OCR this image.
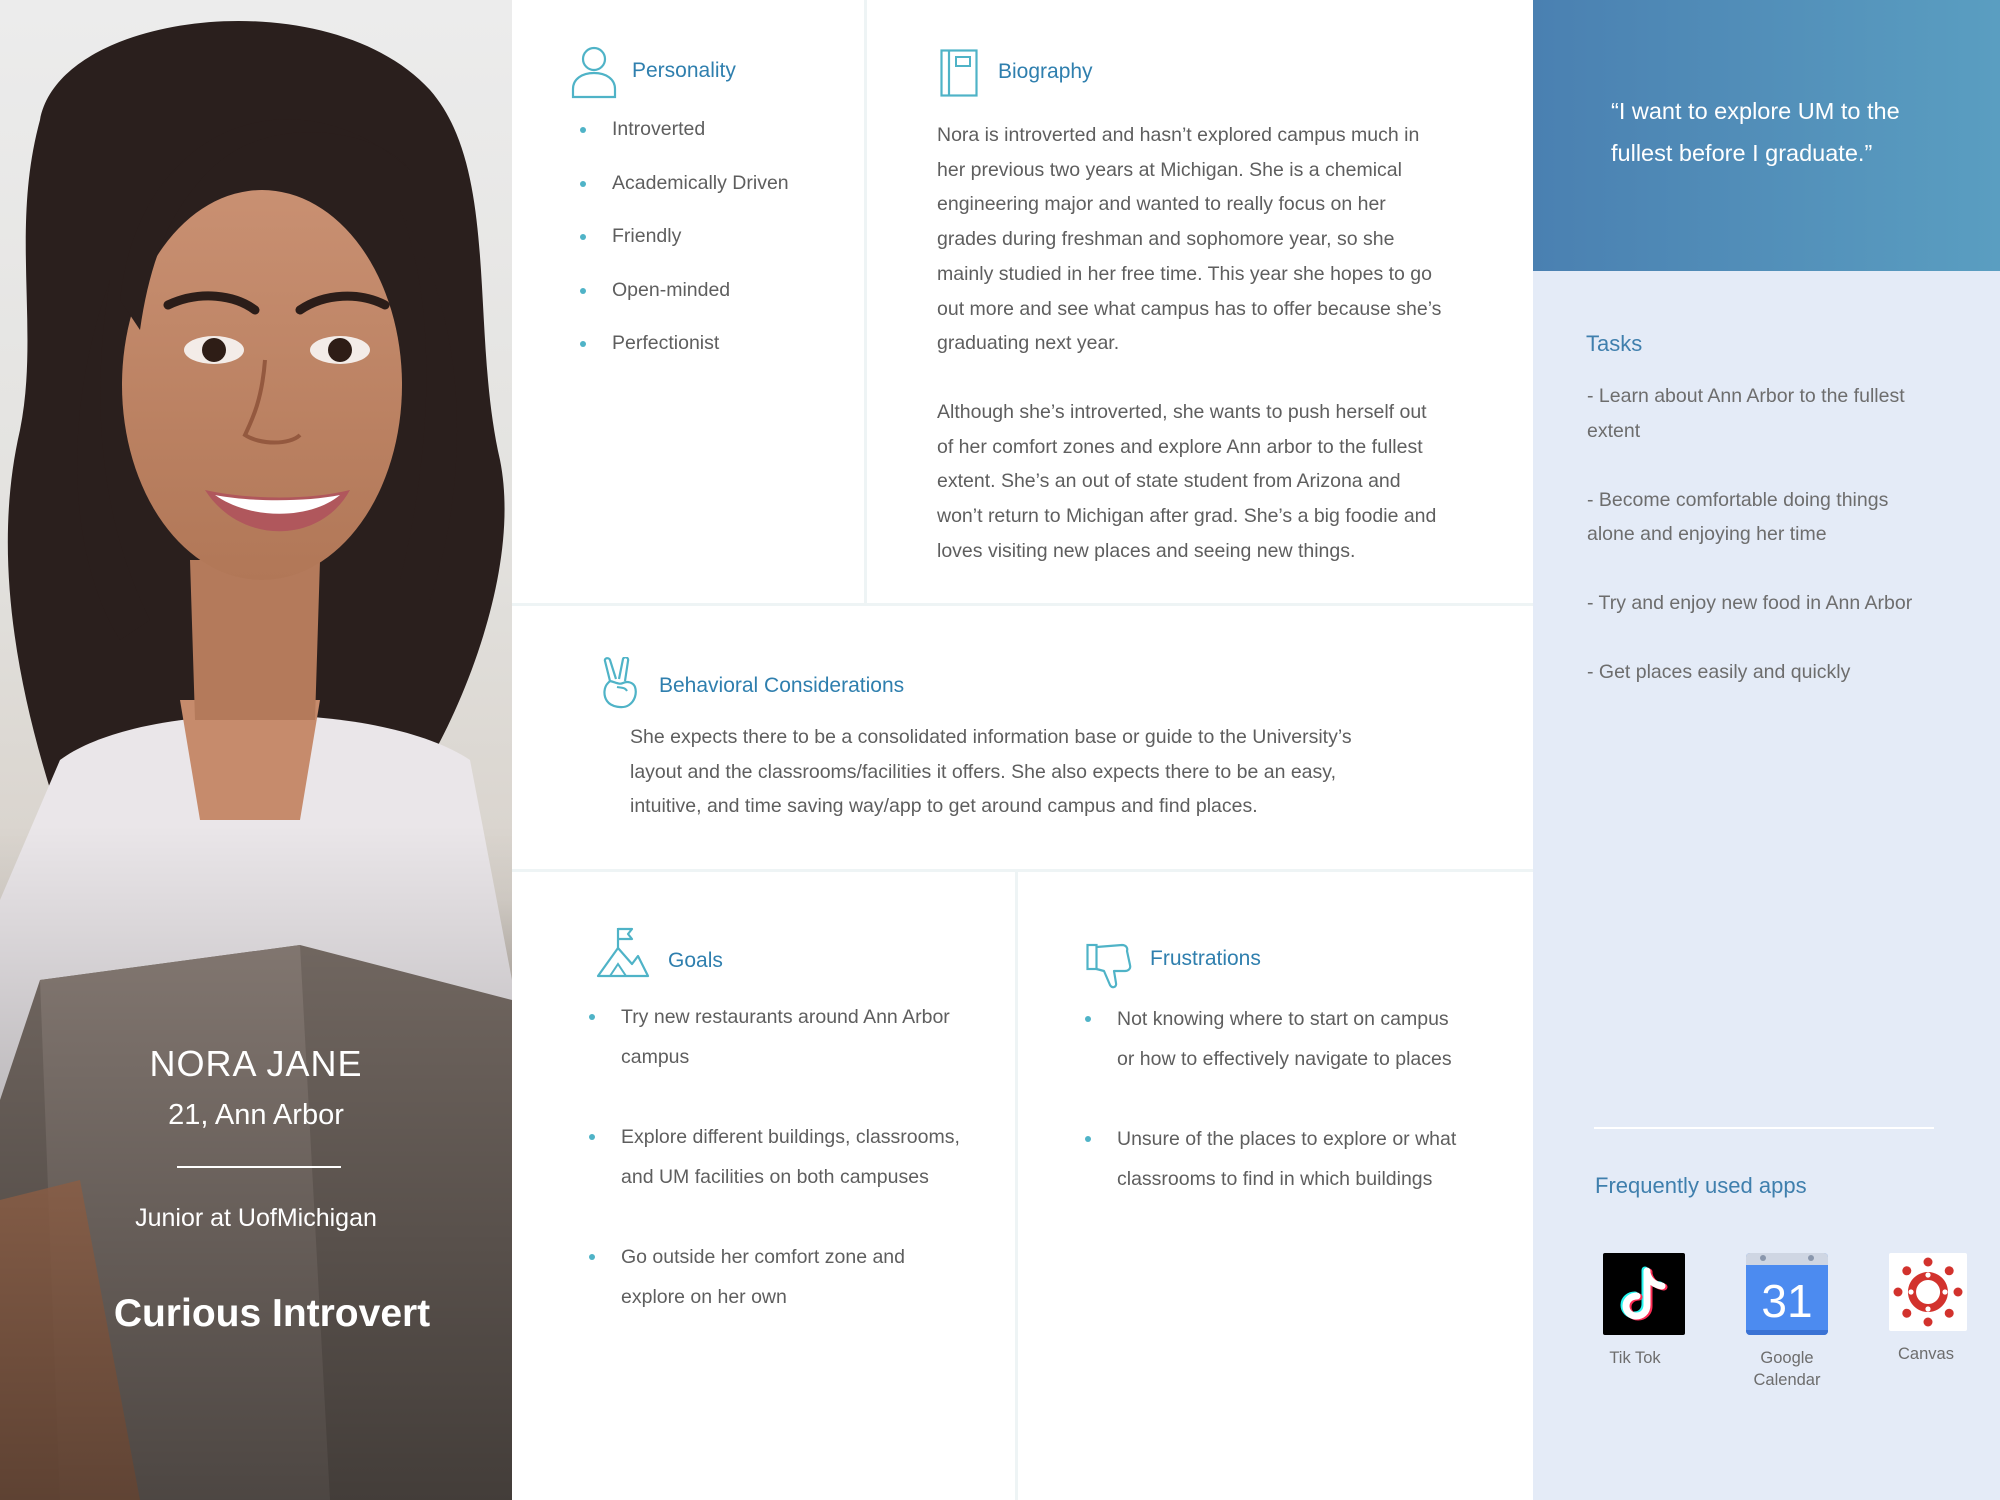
NORA JANE
21, Ann Arbor
Junior at UofMichigan
Curious Introvert
Personality
Introverted
Academically Driven
Friendly
Open-minded
Perfectionist
Biography
Nora is introverted and hasn’t explored campus much in
her previous two years at Michigan. She is a chemical
engineering major and wanted to really focus on her
grades during freshman and sophomore year, so she
mainly studied in her free time. This year she hopes to go
out more and see what campus has to offer because she’s
graduating next year.
Although she’s introverted, she wants to push herself out
of her comfort zones and explore Ann arbor to the fullest
extent. She’s an out of state student from Arizona and
won’t return to Michigan after grad. She’s a big foodie and
loves visiting new places and seeing new things.
Behavioral Considerations
She expects there to be a consolidated information base or guide to the University’s
layout and the classrooms/facilities it offers. She also expects there to be an easy,
intuitive, and time saving way/app to get around campus and find places.
Goals
Try new restaurants around Ann Arbor
campus
Explore different buildings, classrooms,
and UM facilities on both campuses
Go outside her comfort zone and
explore on her own
Frustrations
Not knowing where to start on campus
or how to effectively navigate to places
Unsure of the places to explore or what
classrooms to find in which buildings
“I want to explore UM to the
fullest before I graduate.”
Tasks
- Learn about Ann Arbor to the fullest
extent
- Become comfortable doing things
alone and enjoying her time
- Try and enjoy new food in Ann Arbor
- Get places easily and quickly
Frequently used apps
Tik Tok
31
Google
Calendar
Canvas
